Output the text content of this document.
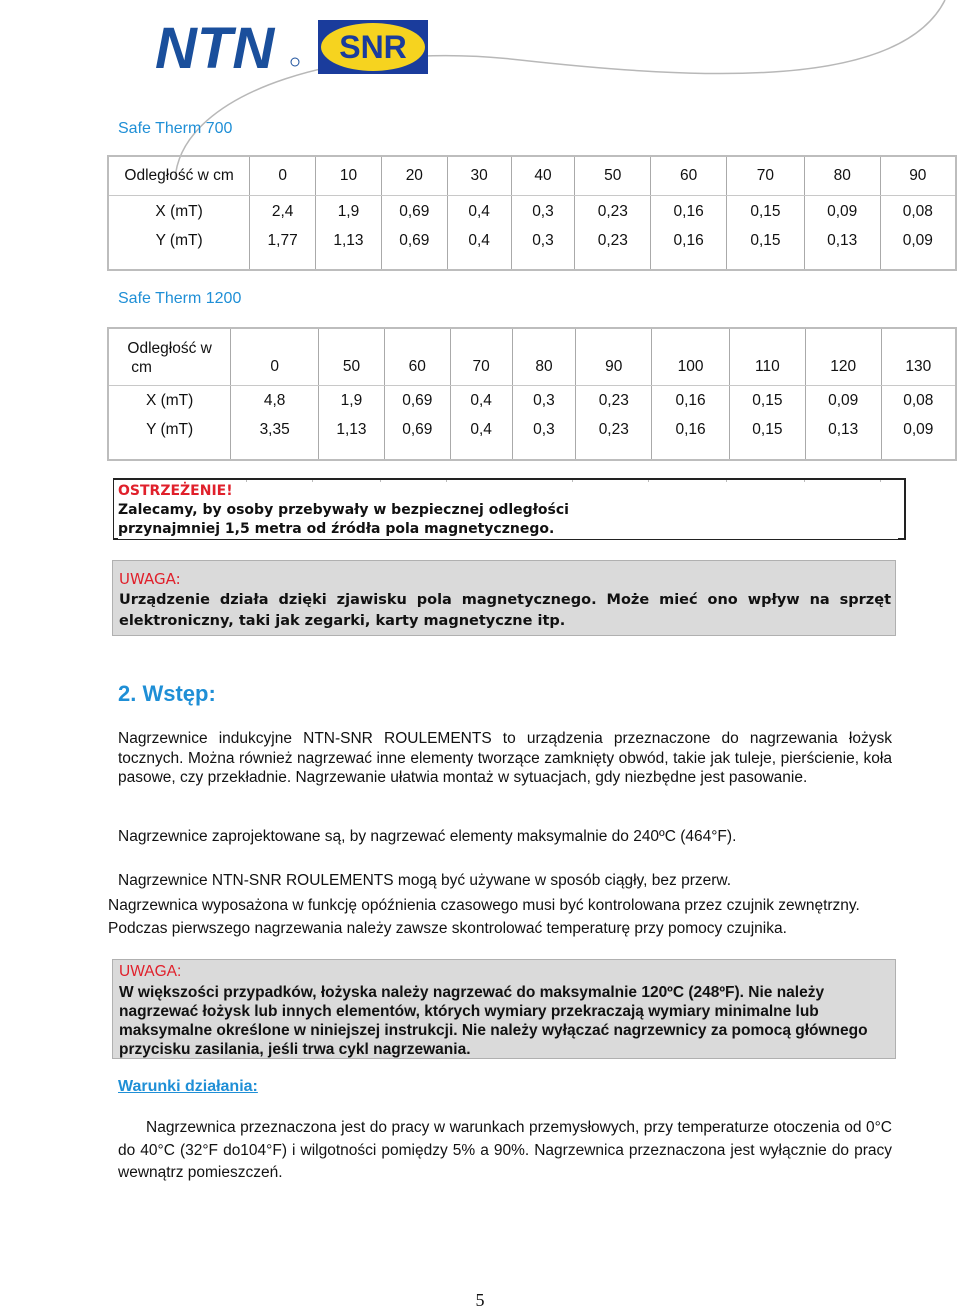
NTN SNR
Safe Therm 700
Odległość w cm	0	10	20	30	40	50	60	70	80	90
X (mT)	2,4	1,9	0,69	0,4	0,3	0,23	0,16	0,15	0,09	0,08
Y (mT)	1,77	1,13	0,69	0,4	0,3	0,23	0,16	0,15	0,13	0,09
Safe Therm 1200
Odległość w
cm	0	50	60	70	80	90	100	110	120	130
X (mT)	4,8	1,9	0,69	0,4	0,3	0,23	0,16	0,15	0,09	0,08
Y (mT)	3,35	1,13	0,69	0,4	0,3	0,23	0,16	0,15	0,13	0,09
OSTRZEŻENIE!
Zalecamy, by osoby przebywały w bezpiecznej odległości
przynajmniej 1,5 metra od źródła pola magnetycznego.
UWAGA:
Urządzenie działa dzięki zjawisku pola magnetycznego. Może mieć ono wpływ na sprzęt elektroniczny, taki jak zegarki, karty magnetyczne itp.
2. Wstęp:

Nagrzewnice indukcyjne NTN-SNR ROULEMENTS to urządzenia przeznaczone do nagrzewania łożysk tocznych. Można również nagrzewać inne elementy tworzące zamknięty obwód, takie jak tuleje, pierścienie, koła pasowe, czy przekładnie. Nagrzewanie ułatwia montaż w sytuacjach, gdy niezbędne jest pasowanie.

Nagrzewnice zaprojektowane są, by nagrzewać elementy maksymalnie do 240ºC (464°F).

Nagrzewnice NTN-SNR ROULEMENTS mogą być używane w sposób ciągły, bez przerw.

Nagrzewnica wyposażona w funkcję opóźnienia czasowego musi być kontrolowana przez czujnik zewnętrzny.

Podczas pierwszego nagrzewania należy zawsze skontrolować temperaturę przy pomocy czujnika.

UWAGA:
W większości przypadków, łożyska należy nagrzewać do maksymalnie 120ºC (248ºF). Nie należy nagrzewać łożysk lub innych elementów, których wymiary przekraczają wymiary minimalne lub maksymalne określone w niniejszej instrukcji. Nie należy wyłączać nagrzewnicy za pomocą głównego przycisku zasilania, jeśli trwa cykl nagrzewania.
Warunki działania:

Nagrzewnica przeznaczona jest do pracy w warunkach przemysłowych, przy temperaturze otoczenia od 0°C do 40°C (32°F do104°F) i wilgotności pomiędzy 5% a 90%. Nagrzewnica przeznaczona jest wyłącznie do pracy wewnątrz pomieszczeń.

5
